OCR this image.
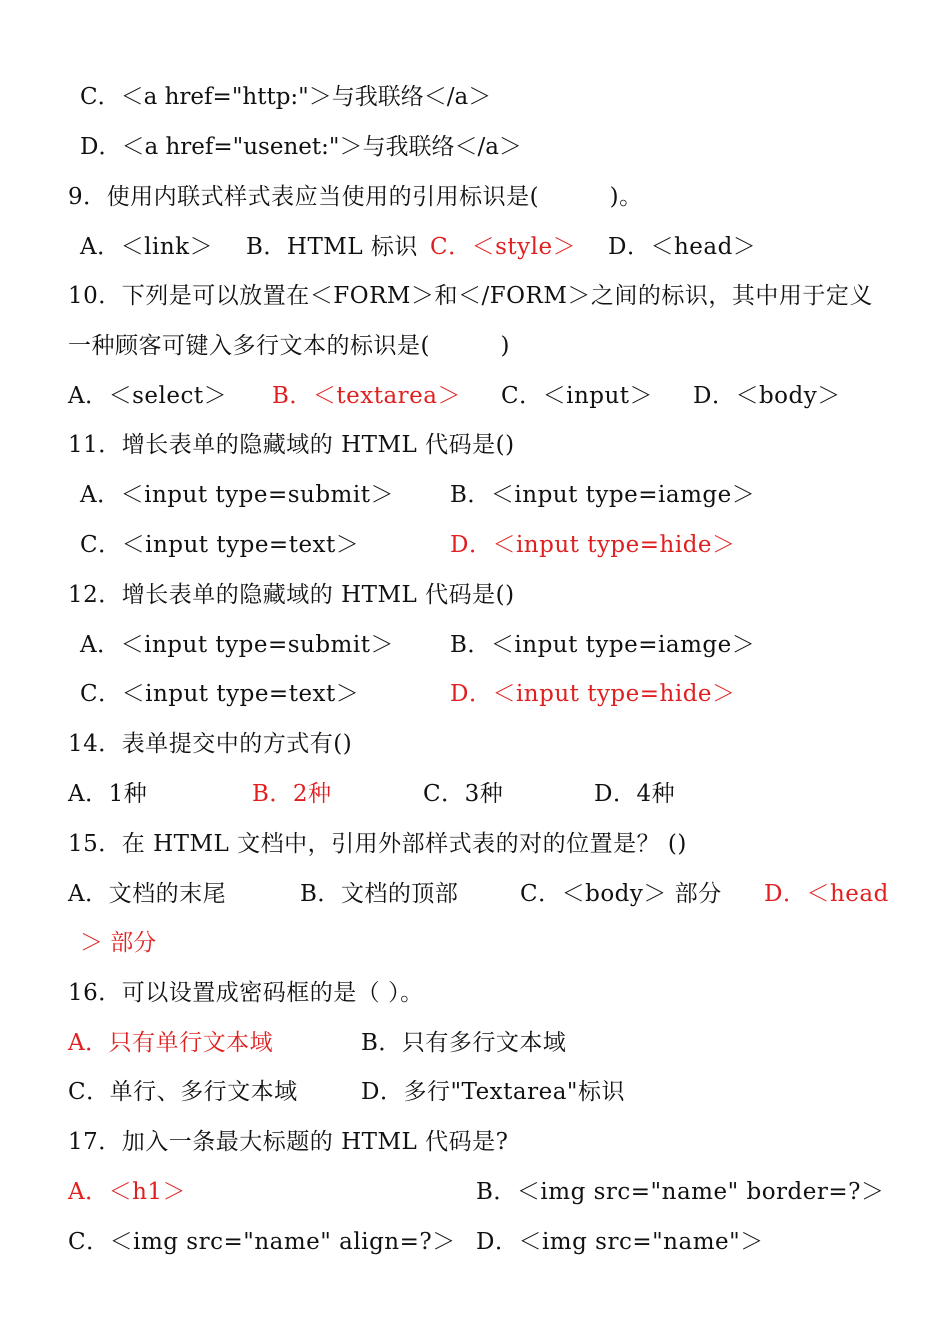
C．＜a href="http:"＞与我联络＜/a＞
D．＜a href="usenet:"＞与我联络＜/a＞
9．使用内联式样式表应当使用的引用标识是(　　　)。
A．＜link＞ B．HTML 标识 C．＜style＞ D．＜head＞
10．下列是可以放置在＜FORM＞和＜/FORM＞之间的标识，其中用于定义
一种顾客可键入多行文本的标识是(　　　)
A．＜select＞ B．＜textarea＞ C．＜input＞ D．＜body＞
11．增长表单的隐藏域的 HTML 代码是()
A．＜input type=submit＞ B．＜input type=iamge＞
C．＜input type=text＞	D．＜input type=hide＞
12．增长表单的隐藏域的 HTML 代码是()
A．＜input type=submit＞ B．＜input type=iamge＞
C．＜input type=text＞	D．＜input type=hide＞
14．表单提交中的方式有()
A．1种	B．2种	C．3种	D．4种
15．在 HTML 文档中，引用外部样式表的对的位置是？ ()
A．文档的末尾	B．文档的顶部	C．＜body＞ 部分 D．＜head
＞ 部分
16．可以设置成密码框的是（ ）。
A．只有单行文本域	B．只有多行文本域
C．单行、多行文本域	D．多行"Textarea"标识
17．加入一条最大标题的 HTML 代码是?
A．＜h1＞	B．＜img src="name" border=?＞
C．＜img src="name" align=?＞ D．＜img src="name"＞
